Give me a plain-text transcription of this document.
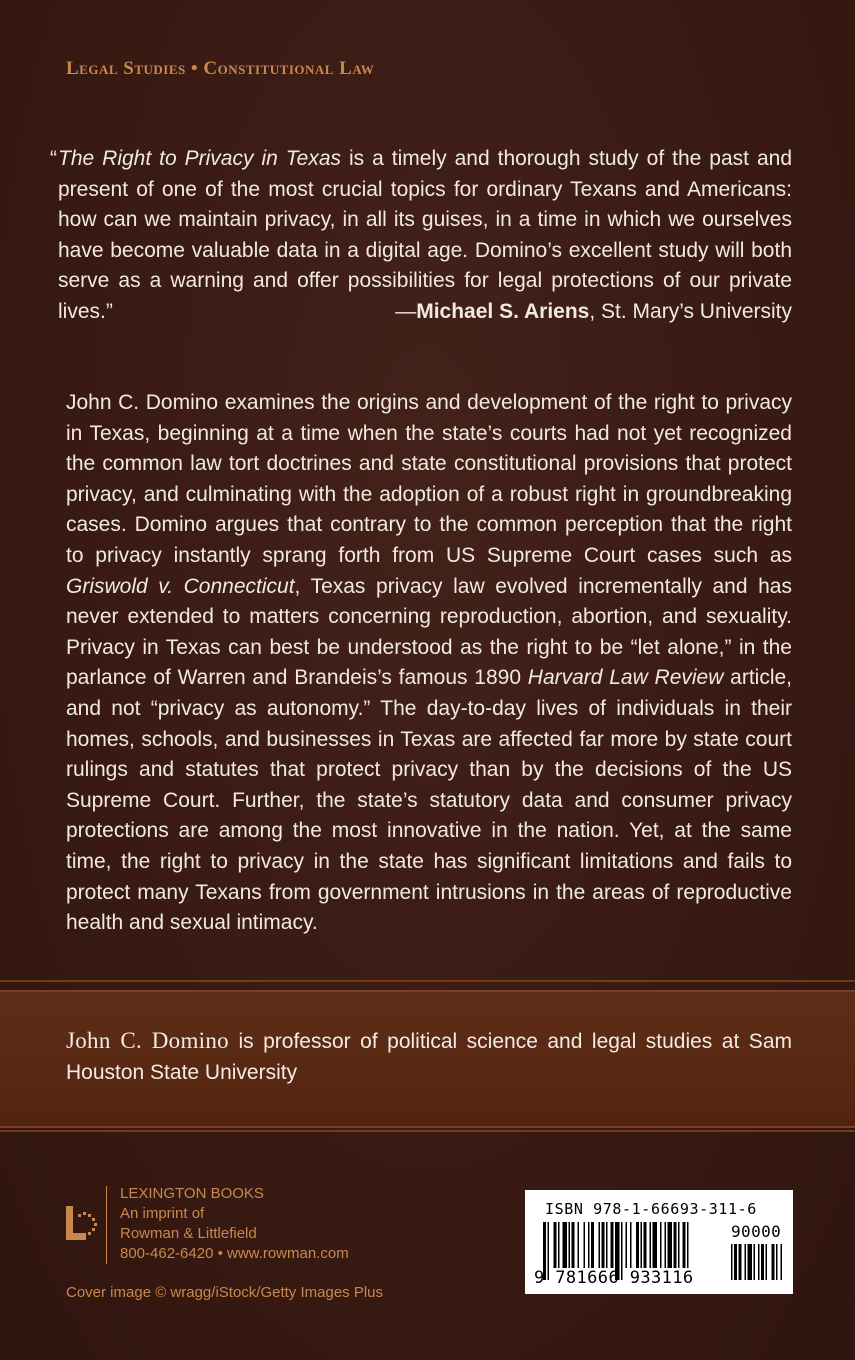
Legal Studies • Constitutional Law
“The Right to Privacy in Texas is a timely and thorough study of the past and present of one of the most crucial topics for ordinary Texans and Americans: how can we maintain privacy, in all its guises, in a time in which we ourselves have become valuable data in a digital age. Domino’s excellent study will both serve as a warning and offer possibilities for legal protections of our private lives.”	—Michael S. Ariens, St. Mary’s University
John C. Domino examines the origins and development of the right to privacy in Texas, beginning at a time when the state’s courts had not yet recognized the common law tort doctrines and state constitutional provisions that protect privacy, and culminating with the adoption of a robust right in groundbreaking cases. Domino argues that contrary to the common perception that the right to privacy instantly sprang forth from US Supreme Court cases such as Griswold v. Connecticut, Texas privacy law evolved incrementally and has never extended to matters concerning reproduction, abortion, and sexuality. Privacy in Texas can best be understood as the right to be “let alone,” in the parlance of Warren and Brandeis’s famous 1890 Harvard Law Review article, and not “privacy as autonomy.” The day-to-day lives of individuals in their homes, schools, and businesses in Texas are affected far more by state court rulings and statutes that protect privacy than by the decisions of the US Supreme Court. Further, the state’s statutory data and consumer privacy protections are among the most innovative in the nation. Yet, at the same time, the right to privacy in the state has significant limitations and fails to protect many Texans from government intrusions in the areas of reproductive health and sexual intimacy.
John C. Domino is professor of political science and legal studies at Sam Houston State University
LEXINGTON BOOKS
An imprint of
Rowman & Littlefield
800-462-6420 • www.rowman.com
Cover image © wragg/iStock/Getty Images Plus
ISBN 978-1-66693-311-6
90000
9 781666 933116
